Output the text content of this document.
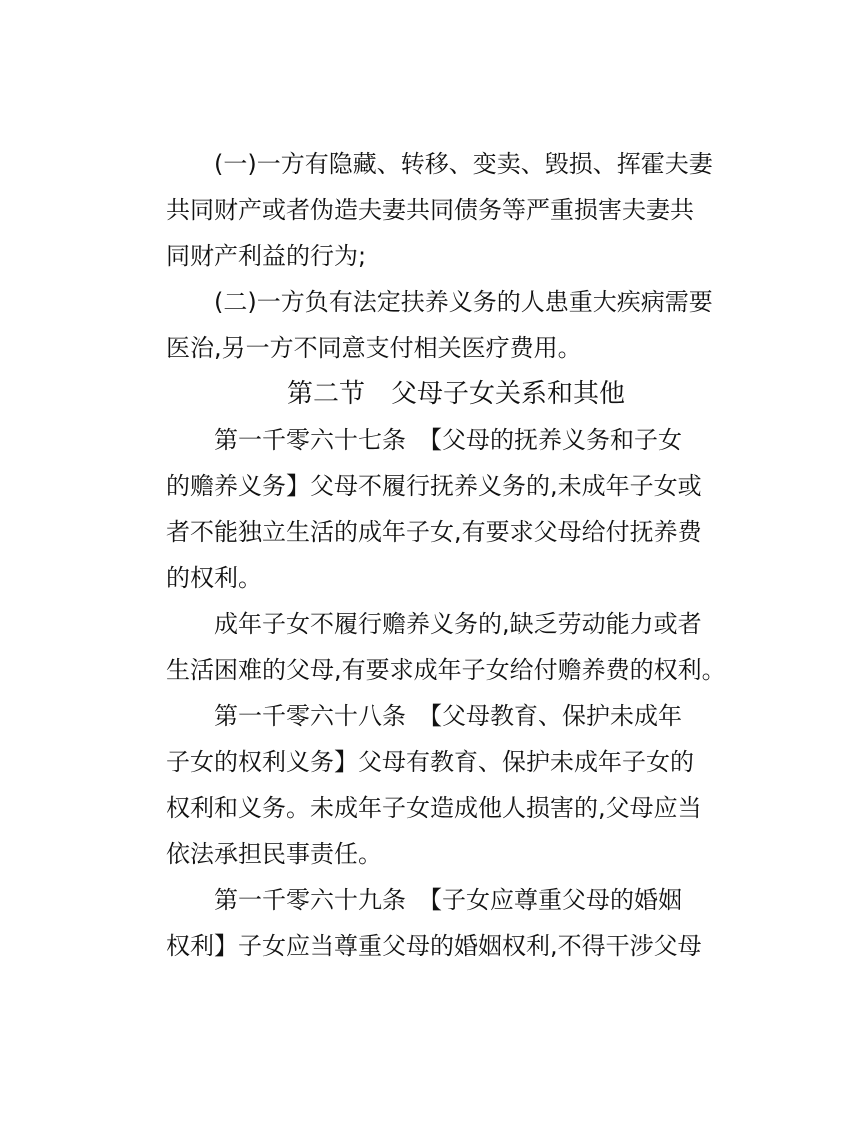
(一)一方有隐藏、转移、变卖、毁损、挥霍夫妻
共同财产或者伪造夫妻共同债务等严重损害夫妻共
同财产利益的行为;
(二)一方负有法定扶养义务的人患重大疾病需要
医治,另一方不同意支付相关医疗费用。
第二节　父母子女关系和其他
第一千零六十七条　【父母的抚养义务和子女
的赡养义务】父母不履行抚养义务的,未成年子女或
者不能独立生活的成年子女,有要求父母给付抚养费
的权利。
成年子女不履行赡养义务的,缺乏劳动能力或者
生活困难的父母,有要求成年子女给付赡养费的权利。
第一千零六十八条　【父母教育、保护未成年
子女的权利义务】父母有教育、保护未成年子女的
权利和义务。未成年子女造成他人损害的,父母应当
依法承担民事责任。
第一千零六十九条　【子女应尊重父母的婚姻
权利】子女应当尊重父母的婚姻权利,不得干涉父母
